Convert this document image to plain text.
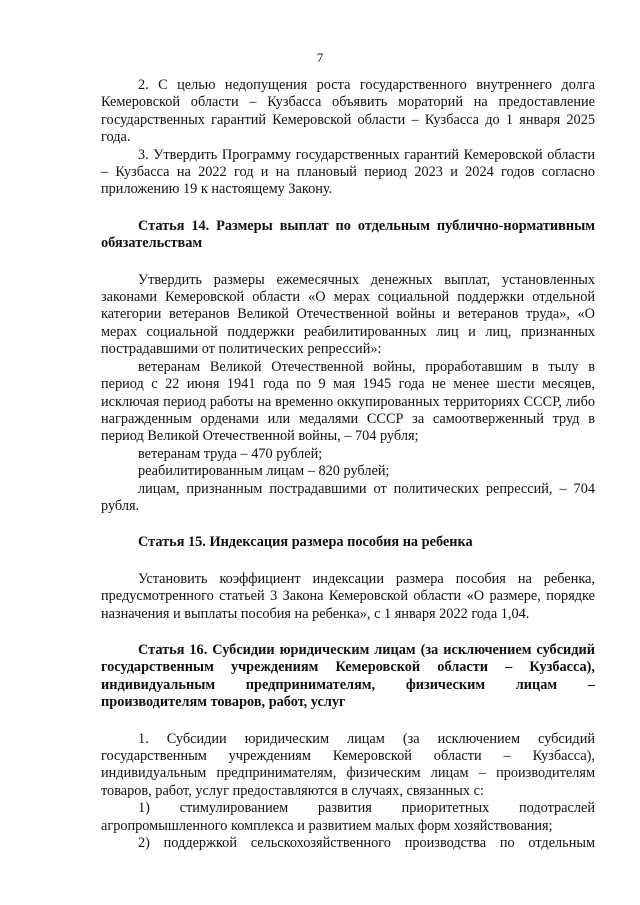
7

2. С целью недопущения роста государственного внутреннего долга Кемеровской области – Кузбасса объявить мораторий на предоставление государственных гарантий Кемеровской области – Кузбасса до 1 января 2025 года.

3. Утвердить Программу государственных гарантий Кемеровской области – Кузбасса на 2022 год и на плановый период 2023 и 2024 годов согласно приложению 19 к настоящему Закону.

Статья 14. Размеры выплат по отдельным публично-нормативным обязательствам

Утвердить размеры ежемесячных денежных выплат, установленных законами Кемеровской области «О мерах социальной поддержки отдельной категории ветеранов Великой Отечественной войны и ветеранов труда», «О мерах социальной поддержки реабилитированных лиц и лиц, признанных пострадавшими от политических репрессий»:

ветеранам Великой Отечественной войны, проработавшим в тылу в период с 22 июня 1941 года по 9 мая 1945 года не менее шести месяцев, исключая период работы на временно оккупированных территориях СССР, либо награжденным орденами или медалями СССР за самоотверженный труд в период Великой Отечественной войны, – 704 рубля;

ветеранам труда – 470 рублей;

реабилитированным лицам – 820 рублей;

лицам, признанным пострадавшими от политических репрессий, – 704 рубля.

Статья 15. Индексация размера пособия на ребенка

Установить коэффициент индексации размера пособия на ребенка, предусмотренного статьей 3 Закона Кемеровской области «О размере, порядке назначения и выплаты пособия на ребенка», с 1 января 2022 года 1,04.

Статья 16. Субсидии юридическим лицам (за исключением субсидий государственным учреждениям Кемеровской области – Кузбасса), индивидуальным предпринимателям, физическим лицам – производителям товаров, работ, услуг

1. Субсидии юридическим лицам (за исключением субсидий государственным учреждениям Кемеровской области – Кузбасса), индивидуальным предпринимателям, физическим лицам – производителям товаров, работ, услуг предоставляются в случаях, связанных с:

1) стимулированием развития приоритетных подотраслей агропромышленного комплекса и развитием малых форм хозяйствования;

2) поддержкой сельскохозяйственного производства по отдельным
